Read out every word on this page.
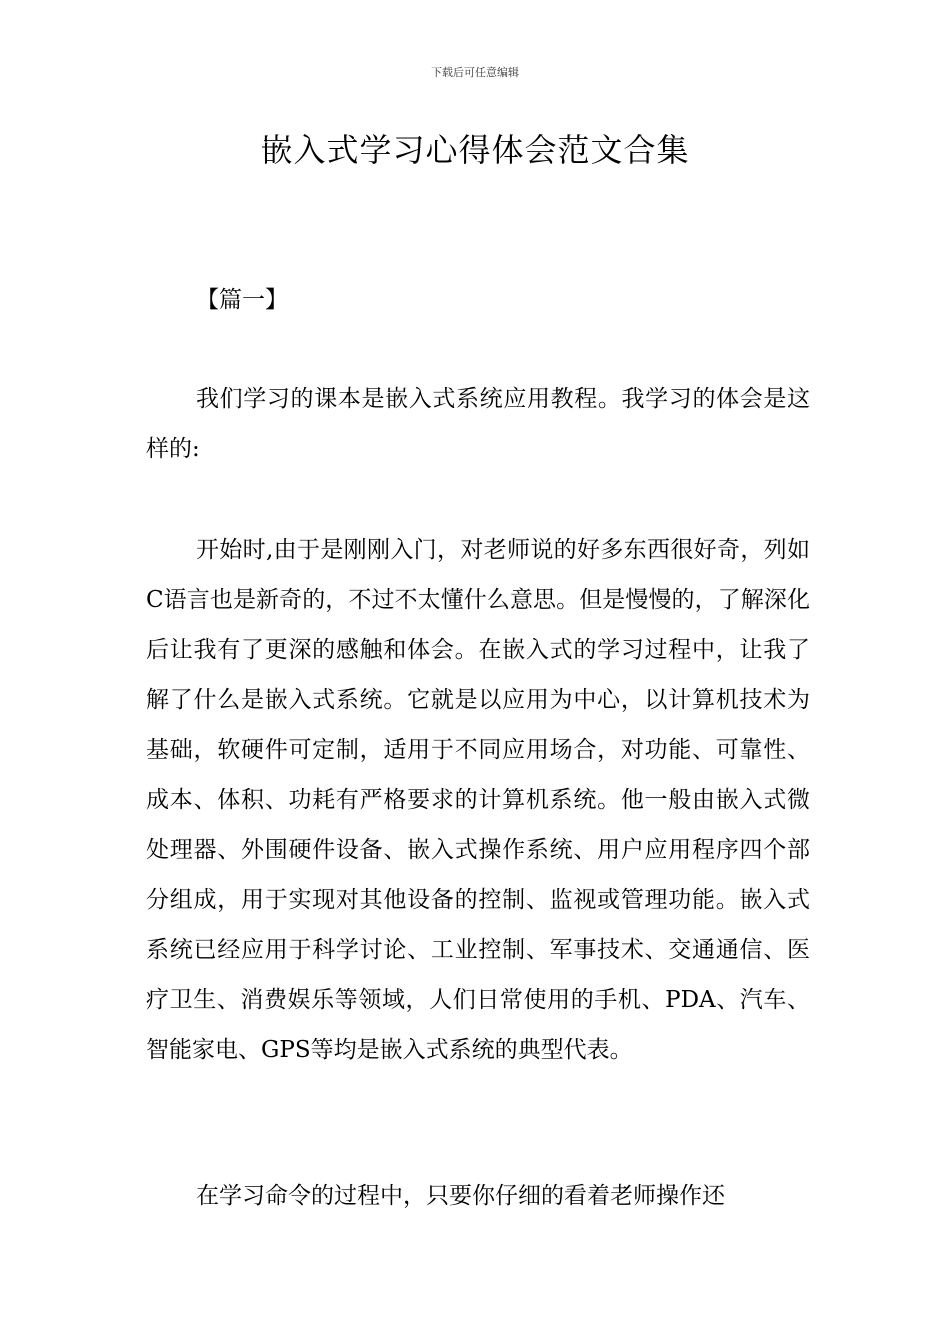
下载后可任意编辑
嵌入式学习心得体会范文合集
【篇一】

我们学习的课本是嵌入式系统应用教程。我学习的体会是这样的:

开始时,由于是刚刚入门，对老师说的好多东西很好奇，列如C语言也是新奇的，不过不太懂什么意思。但是慢慢的，了解深化后让我有了更深的感触和体会。在嵌入式的学习过程中，让我了解了什么是嵌入式系统。它就是以应用为中心，以计算机技术为基础，软硬件可定制，适用于不同应用场合，对功能、可靠性、成本、体积、功耗有严格要求的计算机系统。他一般由嵌入式微处理器、外围硬件设备、嵌入式操作系统、用户应用程序四个部分组成，用于实现对其他设备的控制、监视或管理功能。嵌入式系统已经应用于科学讨论、工业控制、军事技术、交通通信、医疗卫生、消费娱乐等领域，人们日常使用的手机、PDA、汽车、智能家电、GPS等均是嵌入式系统的典型代表。

在学习命令的过程中，只要你仔细的看着老师操作还
